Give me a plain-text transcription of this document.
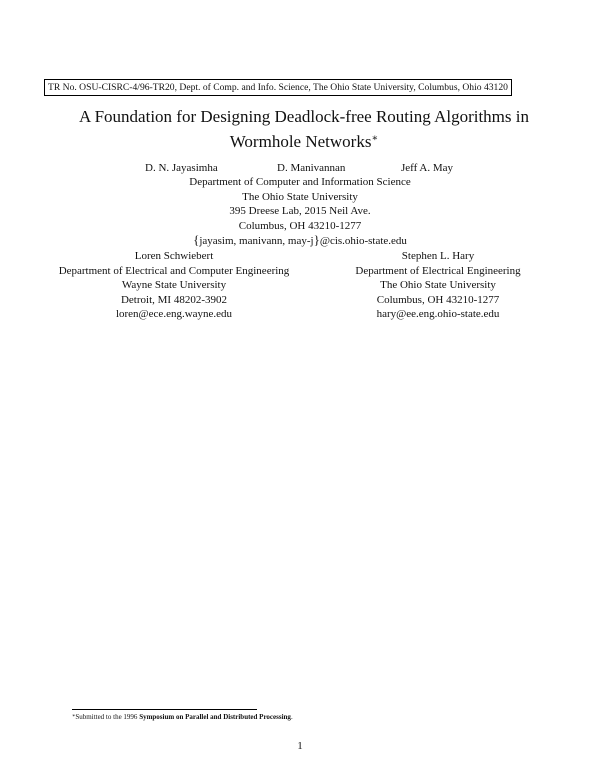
TR No. OSU-CISRC-4/96-TR20, Dept. of Comp. and Info. Science, The Ohio State University, Columbus, Ohio 43120
A Foundation for Designing Deadlock-free Routing Algorithms in
Wormhole Networks∗
D. N. Jayasimha	D. Manivannan	Jeff A. May
Department of Computer and Information Science
The Ohio State University
395 Dreese Lab, 2015 Neil Ave.
Columbus, OH 43210-1277
{jayasim, manivann, may-j}@cis.ohio-state.edu
Loren Schwiebert
Department of Electrical and Computer Engineering
Wayne State University
Detroit, MI 48202-3902
loren@ece.eng.wayne.edu
Stephen L. Hary
Department of Electrical Engineering
The Ohio State University
Columbus, OH 43210-1277
hary@ee.eng.ohio-state.edu
∗Submitted to the 1996 Symposium on Parallel and Distributed Processing.
1
